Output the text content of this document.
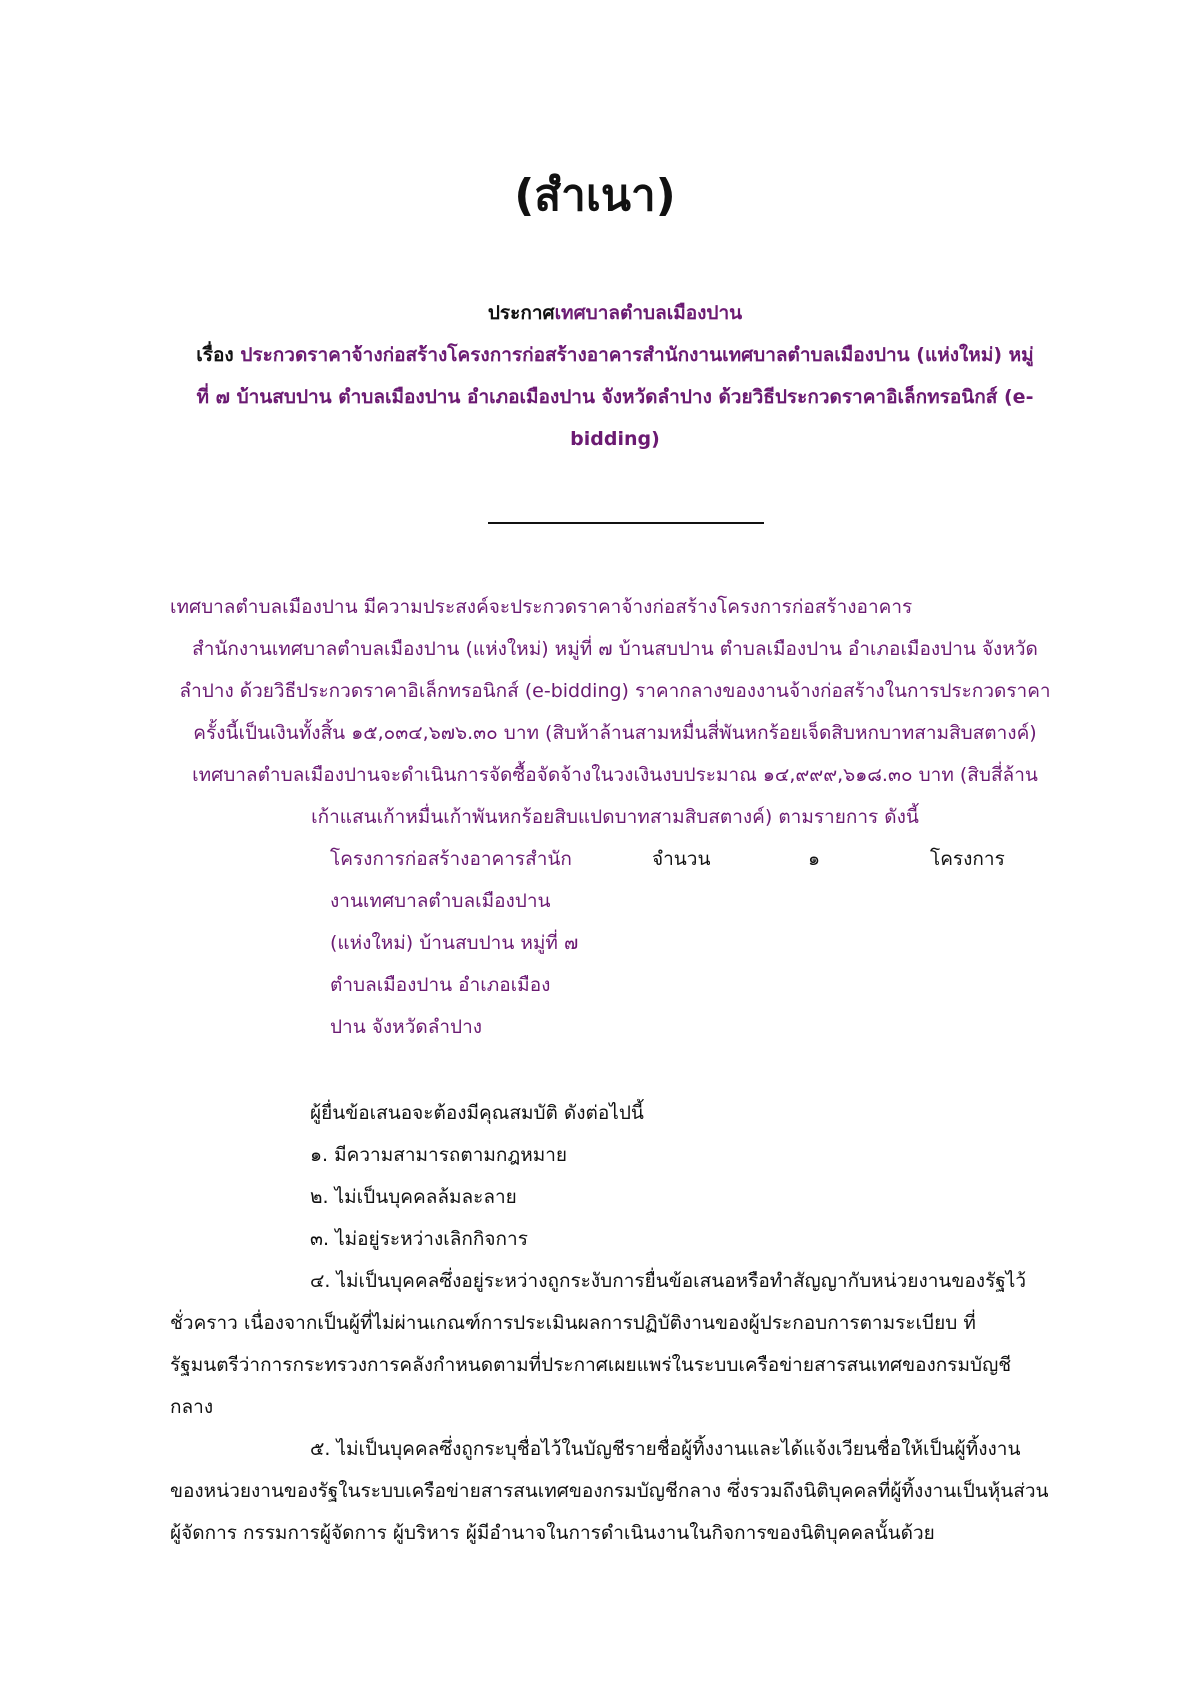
(สำเนา)
ประกาศเทศบาลตำบลเมืองปาน
เรื่อง ประกวดราคาจ้างก่อสร้างโครงการก่อสร้างอาคารสำนักงานเทศบาลตำบลเมืองปาน (แห่งใหม่) หมู่
ที่ ๗ บ้านสบปาน ตำบลเมืองปาน อำเภอเมืองปาน จังหวัดลำปาง ด้วยวิธีประกวดราคาอิเล็กทรอนิกส์ (e-
bidding)
เทศบาลตำบลเมืองปาน มีความประสงค์จะประกวดราคาจ้างก่อสร้างโครงการก่อสร้างอาคาร
สำนักงานเทศบาลตำบลเมืองปาน (แห่งใหม่) หมู่ที่ ๗ บ้านสบปาน ตำบลเมืองปาน อำเภอเมืองปาน จังหวัด
ลำปาง ด้วยวิธีประกวดราคาอิเล็กทรอนิกส์ (e-bidding) ราคากลางของงานจ้างก่อสร้างในการประกวดราคา
ครั้งนี้เป็นเงินทั้งสิ้น ๑๕,๐๓๔,๖๗๖.๓๐ บาท (สิบห้าล้านสามหมื่นสี่พันหกร้อยเจ็ดสิบหกบาทสามสิบสตางค์)
เทศบาลตำบลเมืองปานจะดำเนินการจัดซื้อจัดจ้างในวงเงินงบประมาณ ๑๔,๙๙๙,๖๑๘.๓๐ บาท (สิบสี่ล้าน
เก้าแสนเก้าหมื่นเก้าพันหกร้อยสิบแปดบาทสามสิบสตางค์) ตามรายการ ดังนี้
โครงการก่อสร้างอาคารสำนัก
งานเทศบาลตำบลเมืองปาน
(แห่งใหม่) บ้านสบปาน หมู่ที่ ๗
ตำบลเมืองปาน อำเภอเมือง
ปาน จังหวัดลำปาง
จำนวน	๑	โครงการ
ผู้ยื่นข้อเสนอจะต้องมีคุณสมบัติ ดังต่อไปนี้
๑. มีความสามารถตามกฎหมาย
๒. ไม่เป็นบุคคลล้มละลาย
๓. ไม่อยู่ระหว่างเลิกกิจการ
๔. ไม่เป็นบุคคลซึ่งอยู่ระหว่างถูกระงับการยื่นข้อเสนอหรือทำสัญญากับหน่วยงานของรัฐไว้
ชั่วคราว เนื่องจากเป็นผู้ที่ไม่ผ่านเกณฑ์การประเมินผลการปฏิบัติงานของผู้ประกอบการตามระเบียบ ที่
รัฐมนตรีว่าการกระทรวงการคลังกำหนดตามที่ประกาศเผยแพร่ในระบบเครือข่ายสารสนเทศของกรมบัญชี
กลาง
๕. ไม่เป็นบุคคลซึ่งถูกระบุชื่อไว้ในบัญชีรายชื่อผู้ทิ้งงานและได้แจ้งเวียนชื่อให้เป็นผู้ทิ้งงาน
ของหน่วยงานของรัฐในระบบเครือข่ายสารสนเทศของกรมบัญชีกลาง ซึ่งรวมถึงนิติบุคคลที่ผู้ทิ้งงานเป็นหุ้นส่วน
ผู้จัดการ กรรมการผู้จัดการ ผู้บริหาร ผู้มีอำนาจในการดำเนินงานในกิจการของนิติบุคคลนั้นด้วย
